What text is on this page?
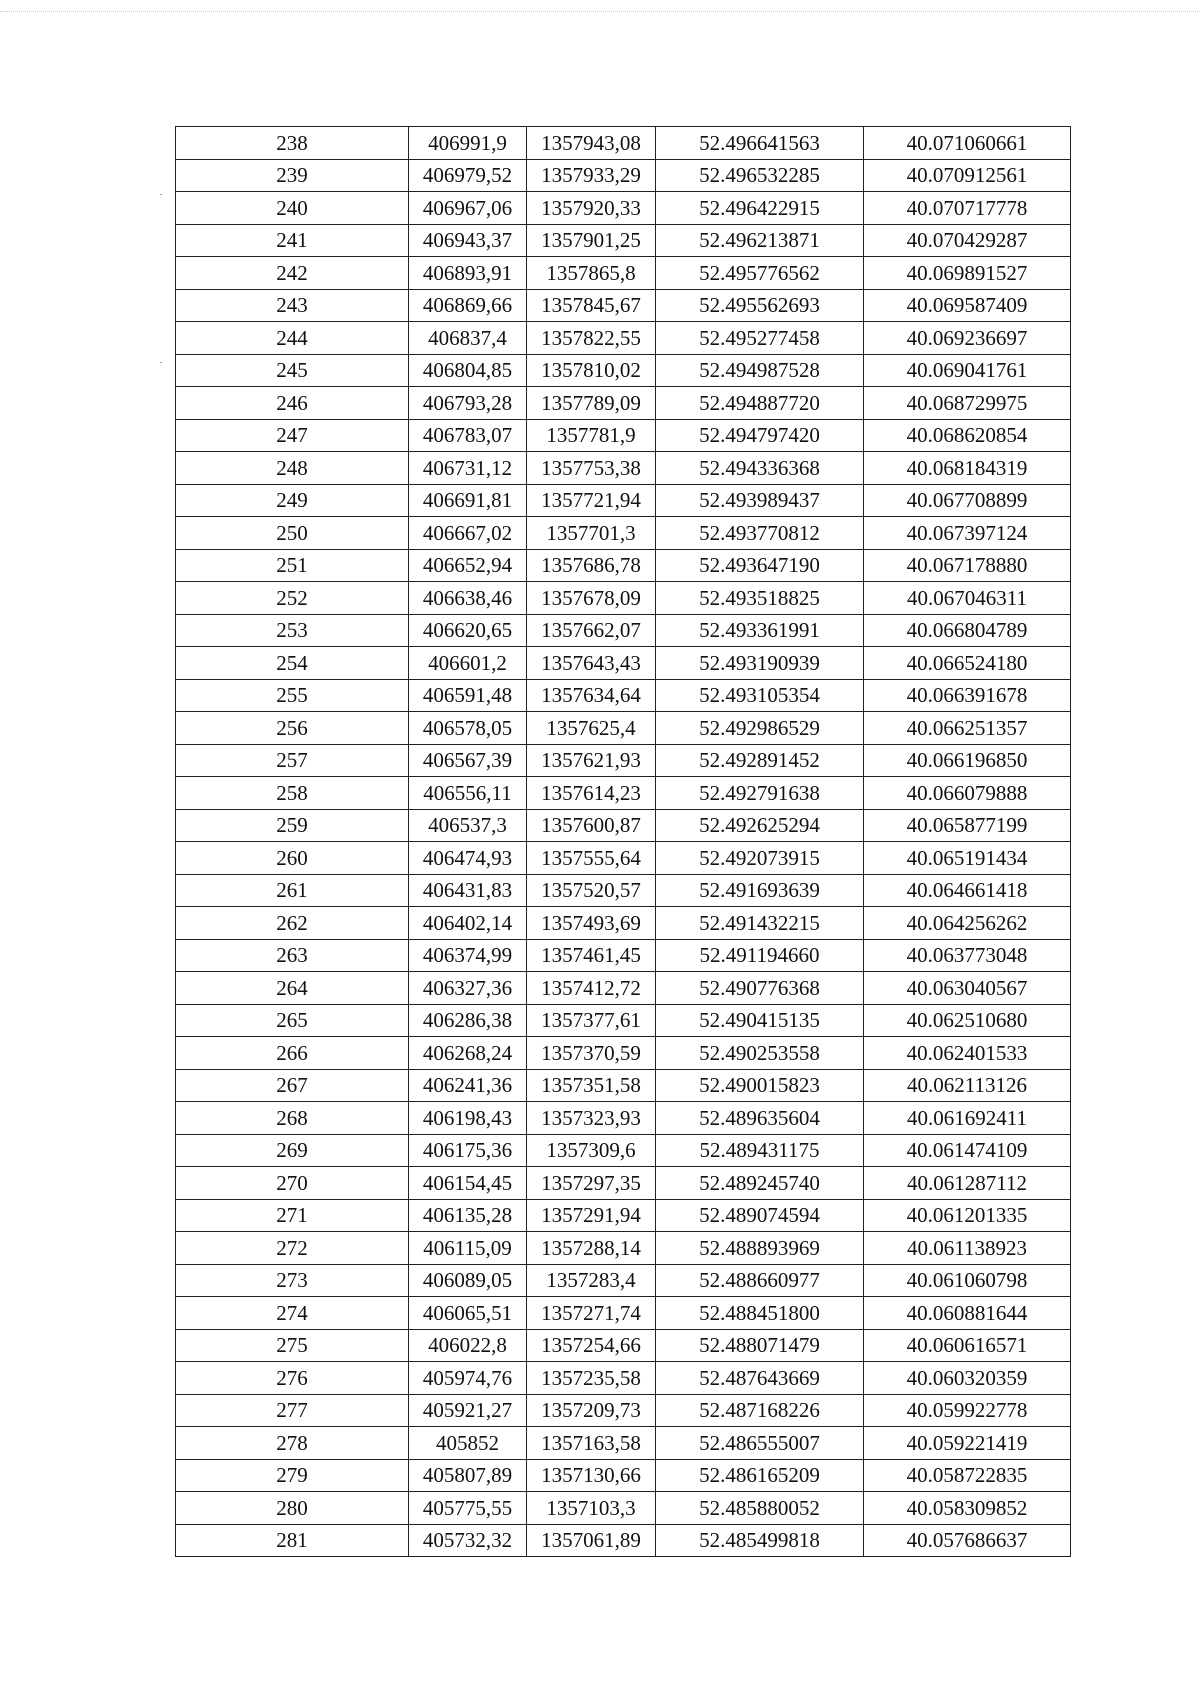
238	406991,9	1357943,08	52.496641563	40.071060661
239	406979,52	1357933,29	52.496532285	40.070912561
240	406967,06	1357920,33	52.496422915	40.070717778
241	406943,37	1357901,25	52.496213871	40.070429287
242	406893,91	1357865,8	52.495776562	40.069891527
243	406869,66	1357845,67	52.495562693	40.069587409
244	406837,4	1357822,55	52.495277458	40.069236697
245	406804,85	1357810,02	52.494987528	40.069041761
246	406793,28	1357789,09	52.494887720	40.068729975
247	406783,07	1357781,9	52.494797420	40.068620854
248	406731,12	1357753,38	52.494336368	40.068184319
249	406691,81	1357721,94	52.493989437	40.067708899
250	406667,02	1357701,3	52.493770812	40.067397124
251	406652,94	1357686,78	52.493647190	40.067178880
252	406638,46	1357678,09	52.493518825	40.067046311
253	406620,65	1357662,07	52.493361991	40.066804789
254	406601,2	1357643,43	52.493190939	40.066524180
255	406591,48	1357634,64	52.493105354	40.066391678
256	406578,05	1357625,4	52.492986529	40.066251357
257	406567,39	1357621,93	52.492891452	40.066196850
258	406556,11	1357614,23	52.492791638	40.066079888
259	406537,3	1357600,87	52.492625294	40.065877199
260	406474,93	1357555,64	52.492073915	40.065191434
261	406431,83	1357520,57	52.491693639	40.064661418
262	406402,14	1357493,69	52.491432215	40.064256262
263	406374,99	1357461,45	52.491194660	40.063773048
264	406327,36	1357412,72	52.490776368	40.063040567
265	406286,38	1357377,61	52.490415135	40.062510680
266	406268,24	1357370,59	52.490253558	40.062401533
267	406241,36	1357351,58	52.490015823	40.062113126
268	406198,43	1357323,93	52.489635604	40.061692411
269	406175,36	1357309,6	52.489431175	40.061474109
270	406154,45	1357297,35	52.489245740	40.061287112
271	406135,28	1357291,94	52.489074594	40.061201335
272	406115,09	1357288,14	52.488893969	40.061138923
273	406089,05	1357283,4	52.488660977	40.061060798
274	406065,51	1357271,74	52.488451800	40.060881644
275	406022,8	1357254,66	52.488071479	40.060616571
276	405974,76	1357235,58	52.487643669	40.060320359
277	405921,27	1357209,73	52.487168226	40.059922778
278	405852	1357163,58	52.486555007	40.059221419
279	405807,89	1357130,66	52.486165209	40.058722835
280	405775,55	1357103,3	52.485880052	40.058309852
281	405732,32	1357061,89	52.485499818	40.057686637
